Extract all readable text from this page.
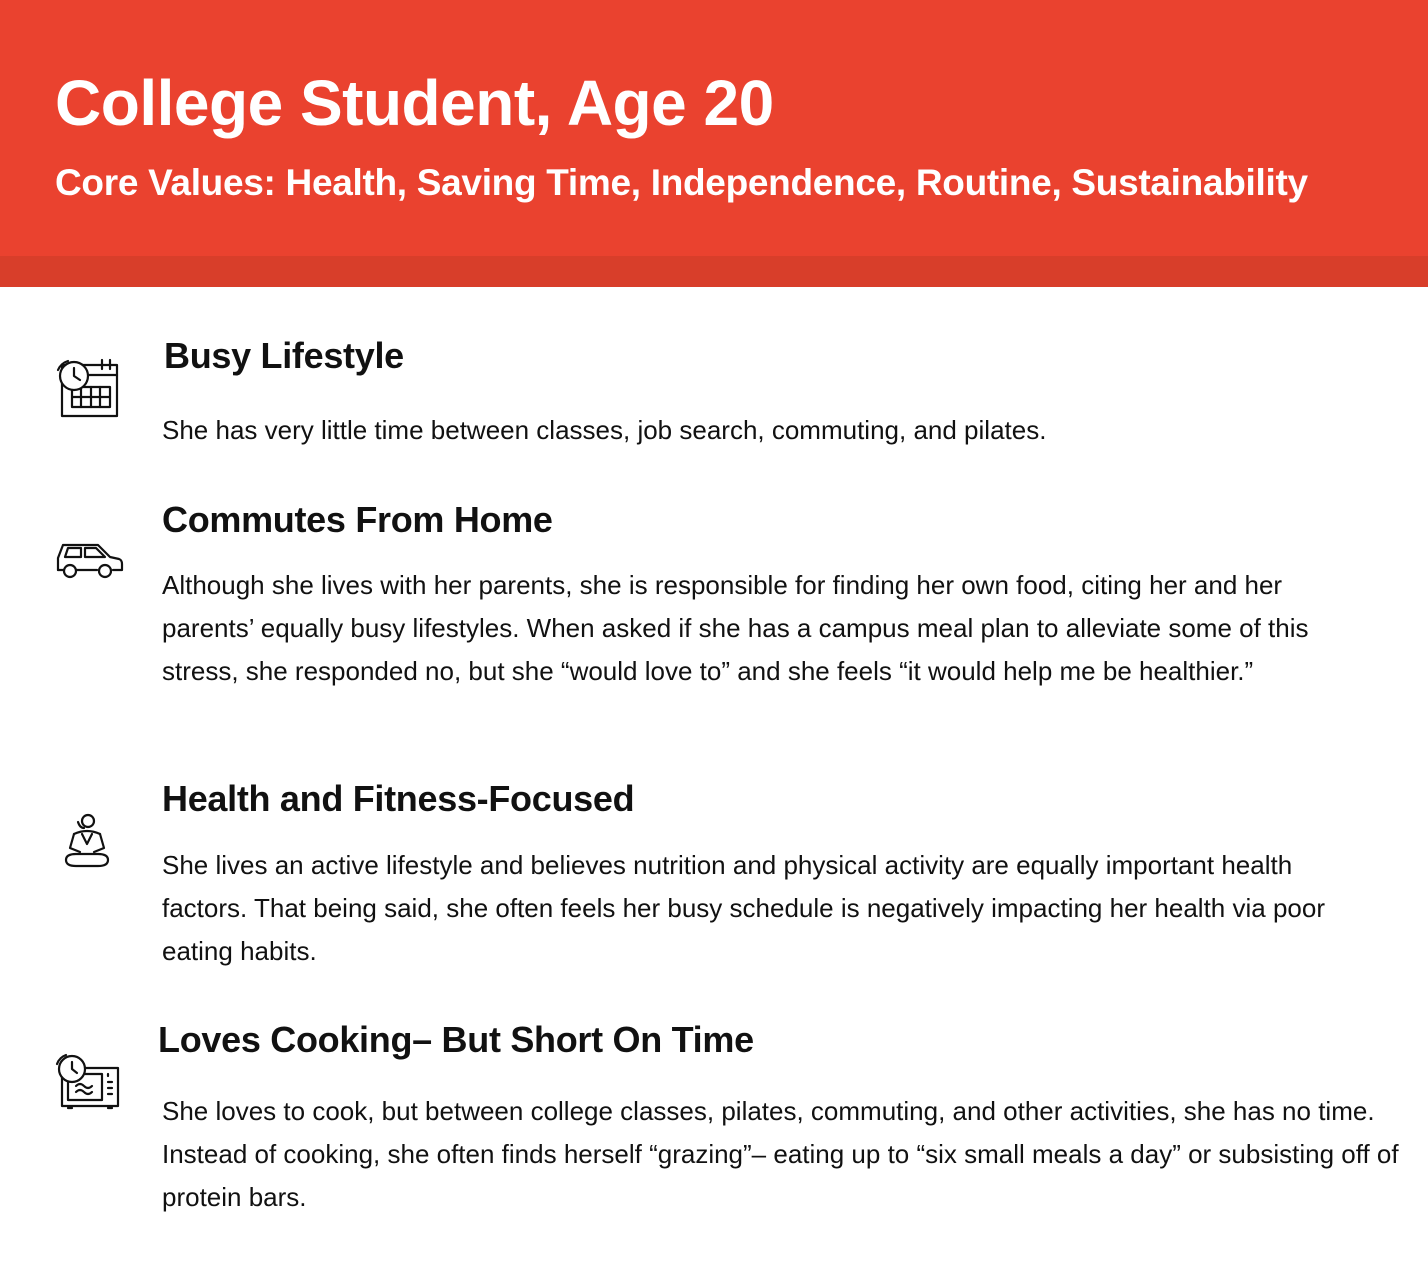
College Student, Age 20
Core Values: Health, Saving Time, Independence, Routine, Sustainability
Busy Lifestyle

She has very little time between classes, job search, commuting, and pilates.

Commutes From Home

Although she lives with her parents, she is responsible for finding her own food, citing her and her parents’ equally busy lifestyles. When asked if she has a campus meal plan to alleviate some of this stress, she responded no, but she “would love to” and she feels “it would help me be healthier.”

Health and Fitness-Focused

She lives an active lifestyle and believes nutrition and physical activity are equally important health factors. That being said, she often feels her busy schedule is negatively impacting her health via poor eating habits.

Loves Cooking– But Short On Time

She loves to cook, but between college classes, pilates, commuting, and other activities, she has no time. Instead of cooking, she often finds herself “grazing”– eating up to “six small meals a day” or subsisting off of protein bars.
